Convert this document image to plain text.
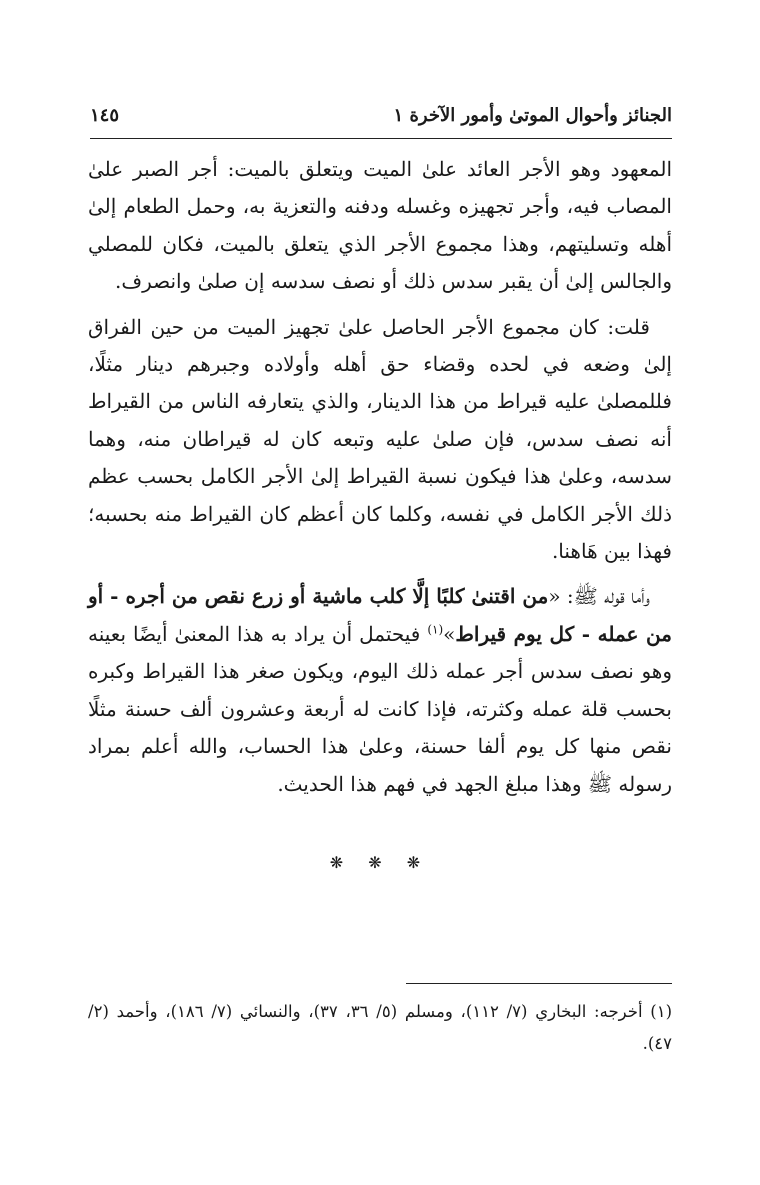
الجنائز وأحوال الموتىٰ وأمور الآخرة ١
١٤٥

المعهود وهو الأجر العائد علىٰ الميت ويتعلق بالميت: أجر الصبر علىٰ المصاب فيه، وأجر تجهيزه وغسله ودفنه والتعزية به، وحمل الطعام إلىٰ أهله وتسليتهم، وهذا مجموع الأجر الذي يتعلق بالميت، فكان للمصلي والجالس إلىٰ أن يقبر سدس ذلك أو نصف سدسه إن صلىٰ وانصرف.

قلت: كان مجموع الأجر الحاصل علىٰ تجهيز الميت من حين الفراق إلىٰ وضعه في لحده وقضاء حق أهله وأولاده وجبرهم دينار مثلًا، فللمصلىٰ عليه قيراط من هذا الدينار، والذي يتعارفه الناس من القيراط أنه نصف سدس، فإن صلىٰ عليه وتبعه كان له قيراطان منه، وهما سدسه، وعلىٰ هذا فيكون نسبة القيراط إلىٰ الأجر الكامل بحسب عظم ذلك الأجر الكامل في نفسه، وكلما كان أعظم كان القيراط منه بحسبه؛ فهذا بين هَاهنا.

وأما قوله ﷺ: «من اقتنىٰ كلبًا إلَّا كلب ماشية أو زرع نقص من أجره - أو من عمله - كل يوم قيراط»$^{(١)}$ فيحتمل أن يراد به هذا المعنىٰ أيضًا بعينه وهو نصف سدس أجر عمله ذلك اليوم، ويكون صغر هذا القيراط وكبره بحسب قلة عمله وكثرته، فإذا كانت له أربعة وعشرون ألف حسنة مثلًا نقص منها كل يوم ألفا حسنة، وعلىٰ هذا الحساب، والله أعلم بمراد رسوله ﷺ وهذا مبلغ الجهد في فهم هذا الحديث.

❋ ❋ ❋

(١) أخرجه: البخاري (٧/ ١١٢)، ومسلم (٥/ ٣٦، ٣٧)، والنسائي (٧/ ١٨٦)، وأحمد (٢/ ٤٧).
